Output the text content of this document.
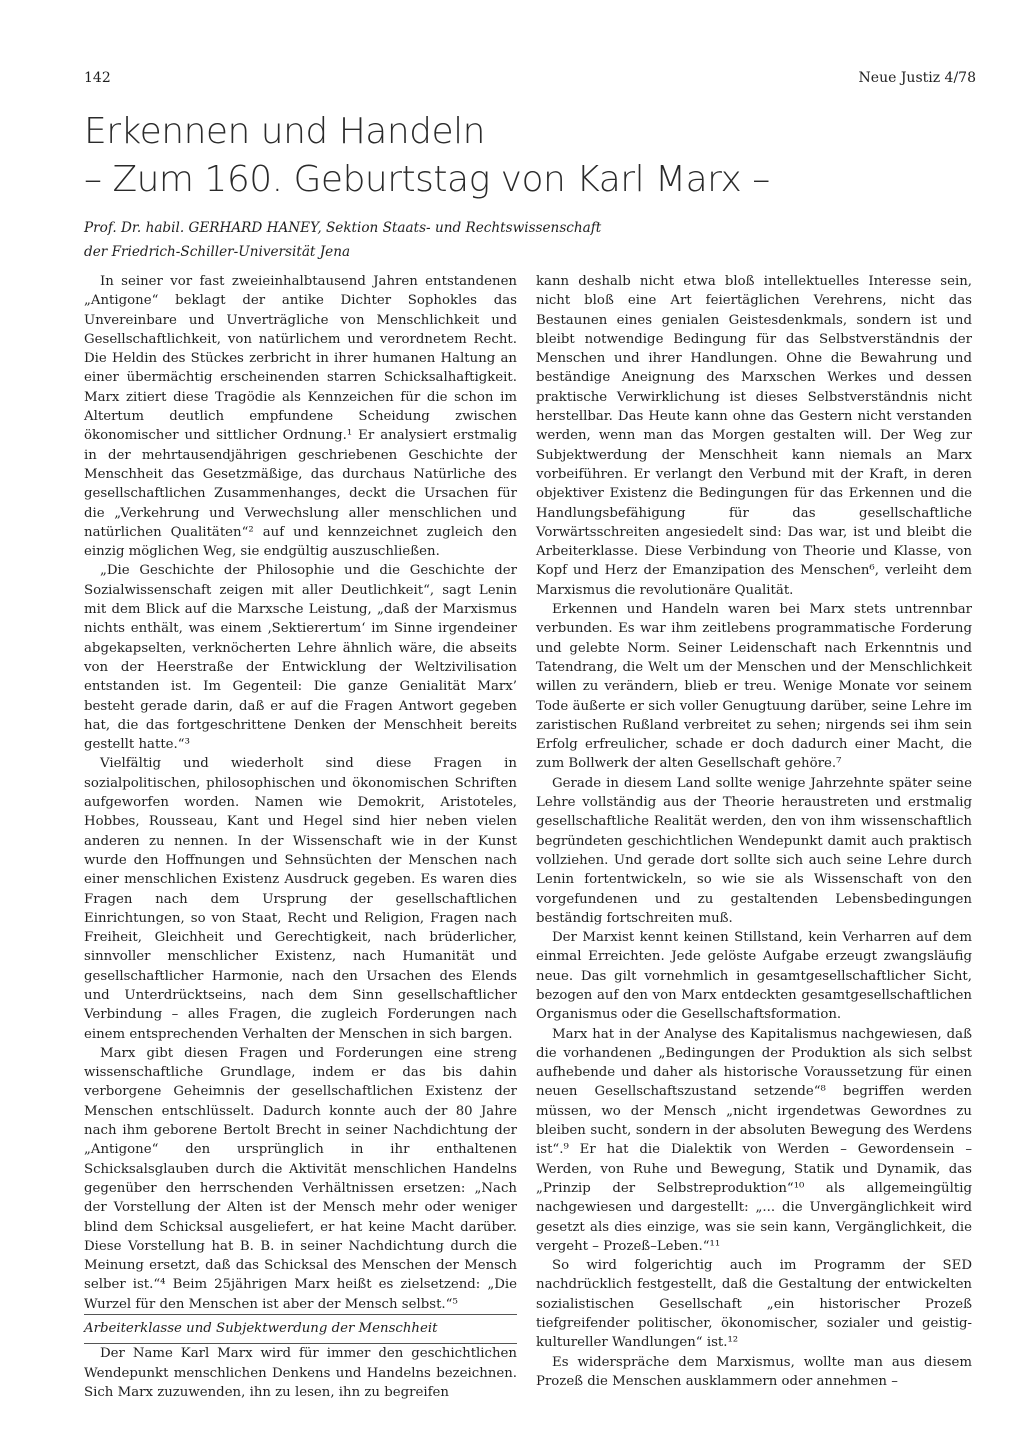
142	Neue Justiz 4/78
Erkennen und Handeln
– Zum 160. Geburtstag von Karl Marx –
Prof. Dr. habil. GERHARD HANEY, Sektion Staats- und Rechtswissenschaft
der Friedrich-Schiller-Universität Jena

In seiner vor fast zweieinhalbtausend Jahren entstandenen „Antigone“ beklagt der antike Dichter Sophokles das Unvereinbare und Unverträgliche von Menschlichkeit und Gesellschaftlichkeit, von natürlichem und verordnetem Recht. Die Heldin des Stückes zerbricht in ihrer humanen Haltung an einer übermächtig erscheinenden starren Schicksalhaftigkeit. Marx zitiert diese Tragödie als Kennzeichen für die schon im Altertum deutlich empfundene Scheidung zwischen ökonomischer und sittlicher Ordnung.¹ Er analysiert erstmalig in der mehrtausendjährigen geschriebenen Geschichte der Menschheit das Gesetzmäßige, das durchaus Natürliche des gesellschaftlichen Zusammenhanges, deckt die Ursachen für die „Verkehrung und Verwechslung aller menschlichen und natürlichen Qualitäten“² auf und kennzeichnet zugleich den einzig möglichen Weg, sie endgültig auszuschließen.

„Die Geschichte der Philosophie und die Geschichte der Sozialwissenschaft zeigen mit aller Deutlichkeit“, sagt Lenin mit dem Blick auf die Marxsche Leistung, „daß der Marxismus nichts enthält, was einem ‚Sektierertum‘ im Sinne irgendeiner abgekapselten, verknöcherten Lehre ähnlich wäre, die abseits von der Heerstraße der Entwicklung der Weltzivilisation entstanden ist. Im Gegenteil: Die ganze Genialität Marx’ besteht gerade darin, daß er auf die Fragen Antwort gegeben hat, die das fortgeschrittene Denken der Menschheit bereits gestellt hatte.“³

Vielfältig und wiederholt sind diese Fragen in sozialpolitischen, philosophischen und ökonomischen Schriften aufgeworfen worden. Namen wie Demokrit, Aristoteles, Hobbes, Rousseau, Kant und Hegel sind hier neben vielen anderen zu nennen. In der Wissenschaft wie in der Kunst wurde den Hoffnungen und Sehnsüchten der Menschen nach einer menschlichen Existenz Ausdruck gegeben. Es waren dies Fragen nach dem Ursprung der gesellschaftlichen Einrichtungen, so von Staat, Recht und Religion, Fragen nach Freiheit, Gleichheit und Gerechtigkeit, nach brüderlicher, sinnvoller menschlicher Existenz, nach Humanität und gesellschaftlicher Harmonie, nach den Ursachen des Elends und Unterdrücktseins, nach dem Sinn gesellschaftlicher Verbindung – alles Fragen, die zugleich Forderungen nach einem entsprechenden Verhalten der Menschen in sich bargen.

Marx gibt diesen Fragen und Forderungen eine streng wissenschaftliche Grundlage, indem er das bis dahin verborgene Geheimnis der gesellschaftlichen Existenz der Menschen entschlüsselt. Dadurch konnte auch der 80 Jahre nach ihm geborene Bertolt Brecht in seiner Nachdichtung der „Antigone“ den ursprünglich in ihr enthaltenen Schicksalsglauben durch die Aktivität menschlichen Handelns gegenüber den herrschenden Verhältnissen ersetzen: „Nach der Vorstellung der Alten ist der Mensch mehr oder weniger blind dem Schicksal ausgeliefert, er hat keine Macht darüber. Diese Vorstellung hat B. B. in seiner Nachdichtung durch die Meinung ersetzt, daß das Schicksal des Menschen der Mensch selber ist.“⁴ Beim 25jährigen Marx heißt es zielsetzend: „Die Wurzel für den Menschen ist aber der Mensch selbst.“⁵

Arbeiterklasse und Subjektwerdung der Menschheit

Der Name Karl Marx wird für immer den geschichtlichen Wendepunkt menschlichen Denkens und Handelns bezeichnen. Sich Marx zuzuwenden, ihn zu lesen, ihn zu begreifen

kann deshalb nicht etwa bloß intellektuelles Interesse sein, nicht bloß eine Art feiertäglichen Verehrens, nicht das Bestaunen eines genialen Geistesdenkmals, sondern ist und bleibt notwendige Bedingung für das Selbstverständnis der Menschen und ihrer Handlungen. Ohne die Bewahrung und beständige Aneignung des Marxschen Werkes und dessen praktische Verwirklichung ist dieses Selbstverständnis nicht herstellbar. Das Heute kann ohne das Gestern nicht verstanden werden, wenn man das Morgen gestalten will. Der Weg zur Subjektwerdung der Menschheit kann niemals an Marx vorbeiführen. Er verlangt den Verbund mit der Kraft, in deren objektiver Existenz die Bedingungen für das Erkennen und die Handlungsbefähigung für das gesellschaftliche Vorwärtsschreiten angesiedelt sind: Das war, ist und bleibt die Arbeiterklasse. Diese Verbindung von Theorie und Klasse, von Kopf und Herz der Emanzipation des Menschen⁶, verleiht dem Marxismus die revolutionäre Qualität.

Erkennen und Handeln waren bei Marx stets untrennbar verbunden. Es war ihm zeitlebens programmatische Forderung und gelebte Norm. Seiner Leidenschaft nach Erkenntnis und Tatendrang, die Welt um der Menschen und der Menschlichkeit willen zu verändern, blieb er treu. Wenige Monate vor seinem Tode äußerte er sich voller Genugtuung darüber, seine Lehre im zaristischen Rußland verbreitet zu sehen; nirgends sei ihm sein Erfolg erfreulicher, schade er doch dadurch einer Macht, die zum Bollwerk der alten Gesellschaft gehöre.⁷

Gerade in diesem Land sollte wenige Jahrzehnte später seine Lehre vollständig aus der Theorie heraustreten und erstmalig gesellschaftliche Realität werden, den von ihm wissenschaftlich begründeten geschichtlichen Wendepunkt damit auch praktisch vollziehen. Und gerade dort sollte sich auch seine Lehre durch Lenin fortentwickeln, so wie sie als Wissenschaft von den vorgefundenen und zu gestaltenden Lebensbedingungen beständig fortschreiten muß.

Der Marxist kennt keinen Stillstand, kein Verharren auf dem einmal Erreichten. Jede gelöste Aufgabe erzeugt zwangsläufig neue. Das gilt vornehmlich in gesamtgesellschaftlicher Sicht, bezogen auf den von Marx entdeckten gesamtgesellschaftlichen Organismus oder die Gesellschaftsformation.

Marx hat in der Analyse des Kapitalismus nachgewiesen, daß die vorhandenen „Bedingungen der Produktion als sich selbst aufhebende und daher als historische Voraussetzung für einen neuen Gesellschaftszustand setzende“⁸ begriffen werden müssen, wo der Mensch „nicht irgendetwas Gewordnes zu bleiben sucht, sondern in der absoluten Bewegung des Werdens ist“.⁹ Er hat die Dialektik von Werden – Gewordensein – Werden, von Ruhe und Bewegung, Statik und Dynamik, das „Prinzip der Selbstreproduktion“¹⁰ als allgemeingültig nachgewiesen und dargestellt: „... die Unvergänglichkeit wird gesetzt als dies einzige, was sie sein kann, Vergänglichkeit, die vergeht – Prozeß–Leben.“¹¹

So wird folgerichtig auch im Programm der SED nachdrücklich festgestellt, daß die Gestaltung der entwickelten sozialistischen Gesellschaft „ein historischer Prozeß tiefgreifender politischer, ökonomischer, sozialer und geistig-kultureller Wandlungen“ ist.¹²

Es widerspräche dem Marxismus, wollte man aus diesem Prozeß die Menschen ausklammern oder annehmen –
